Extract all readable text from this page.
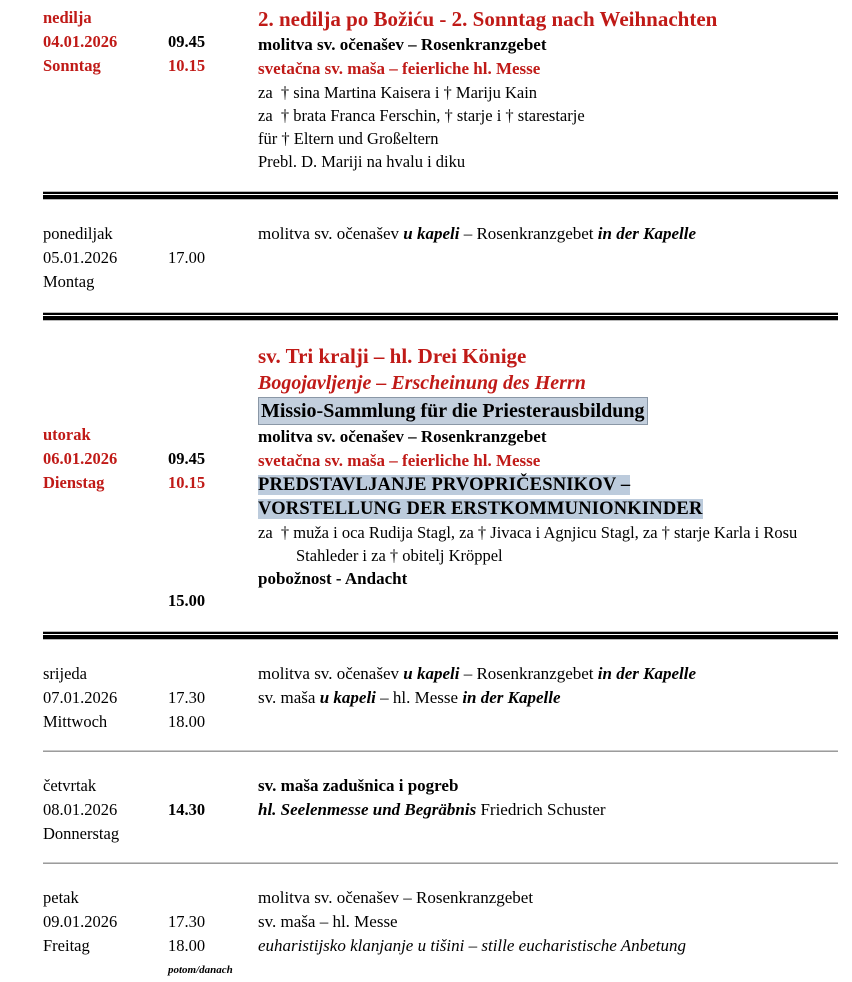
nedilja
04.01.2026
Sonntag

09.45
10.15
2. nedilja po Božiću - 2. Sonntag nach Weihnachten
molitva sv. očenašev – Rosenkranzgebet
svetačna sv. maša – feierliche hl. Messe
za  † sina Martina Kaisera i † Mariju Kain
za  † brata Franca Ferschin, † starje i † starestarje
für † Eltern und Großeltern
Prebl. D. Mariji na hvalu i diku
ponediljak
05.01.2026
Montag

17.00

molitva sv. očenašev u kapeli – Rosenkranzgebet in der Kapelle
utorak
06.01.2026
Dienstag

09.45
10.15
15.00
sv. Tri kralji – hl. Drei Könige
Bogojavljenje – Erscheinung des Herrn
Missio-Sammlung für die Priesterausbildung
molitva sv. očenašev – Rosenkranzgebet
svetačna sv. maša – feierliche hl. Messe
PREDSTAVLJANJE PRVOPRIČESNIKOV –
VORSTELLUNG DER ERSTKOMMUNIONKINDER
za  † muža i oca Rudija Stagl, za † Jivaca i Agnjicu Stagl, za † starje Karla i Rosu
Stahleder i za † obitelj Kröppel
pobožnost - Andacht
srijeda
07.01.2026
Mittwoch

17.30
18.00
molitva sv. očenašev u kapeli – Rosenkranzgebet in der Kapelle
sv. maša u kapeli – hl. Messe in der Kapelle
četvrtak
08.01.2026
Donnerstag

14.30

sv. maša zadušnica i pogreb
hl. Seelenmesse und Begräbnis Friedrich Schuster
petak
09.01.2026
Freitag

17.30
18.00
potom/danach
molitva sv. očenašev – Rosenkranzgebet
sv. maša – hl. Messe
euharistijsko klanjanje u tišini – stille eucharistische Anbetung
